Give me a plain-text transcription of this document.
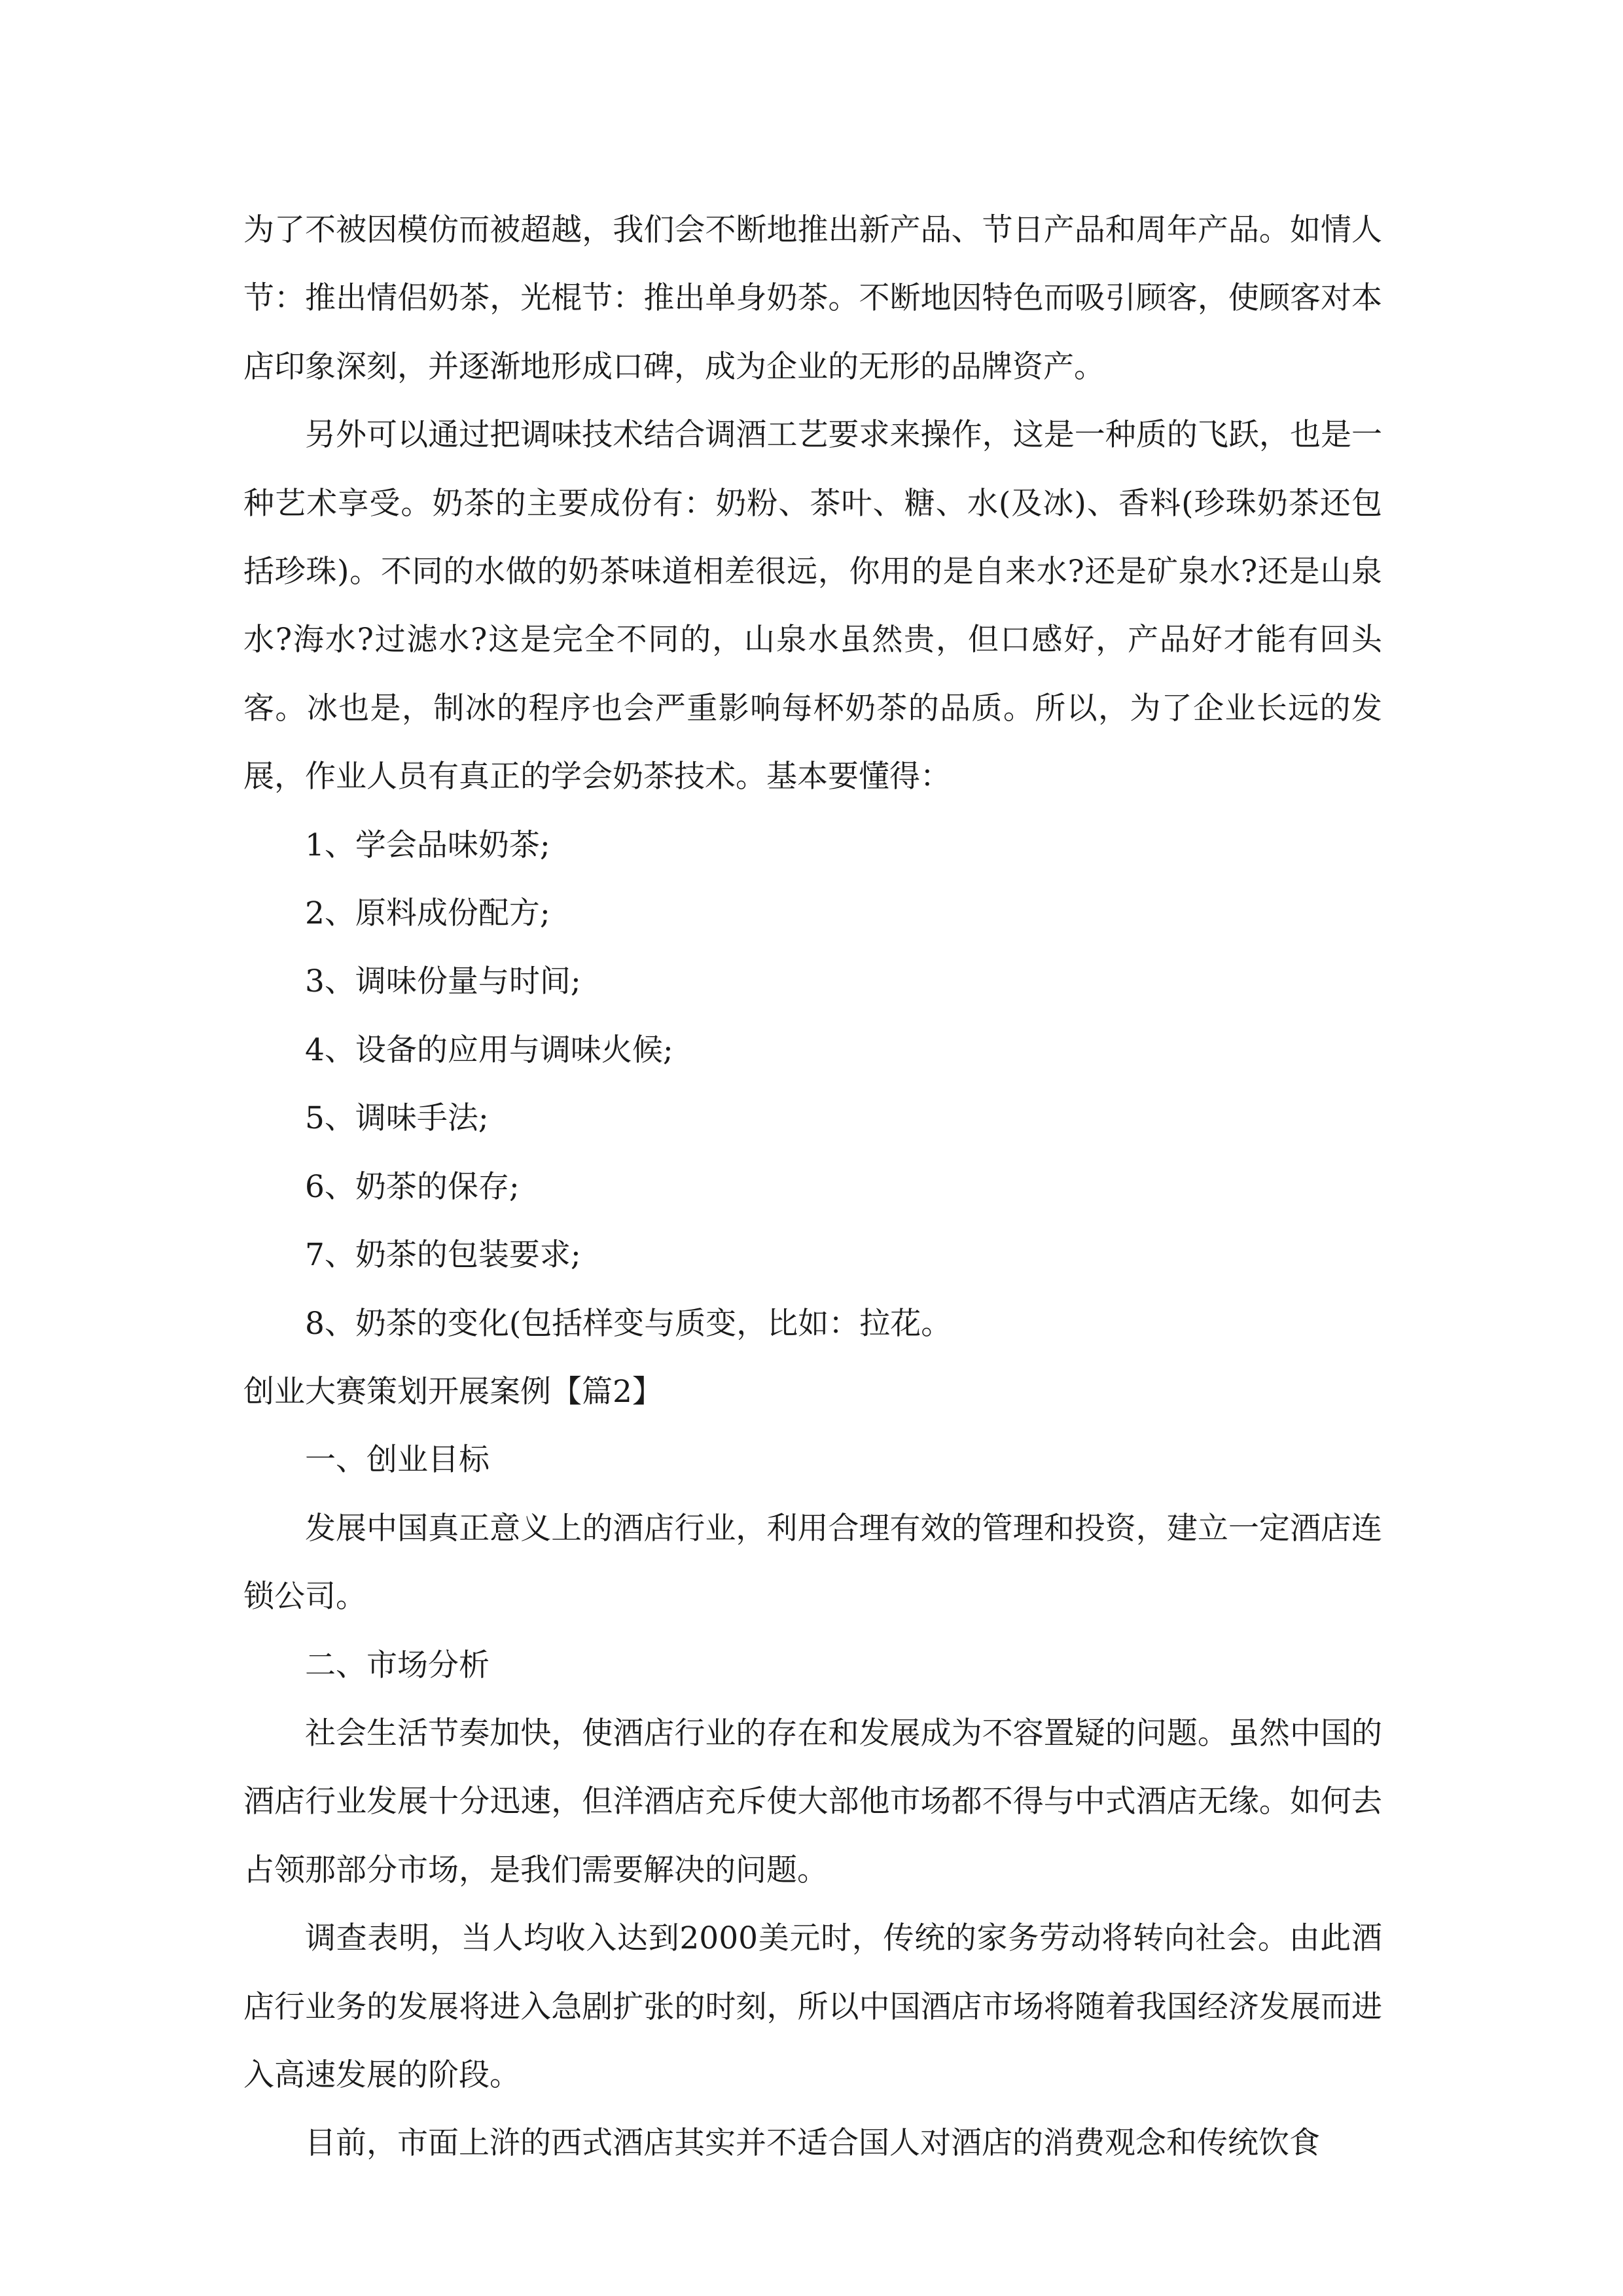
为了不被因模仿而被超越，我们会不断地推出新产品、节日产品和周年产品。如情人节：推出情侣奶茶，光棍节：推出单身奶茶。不断地因特色而吸引顾客，使顾客对本店印象深刻，并逐渐地形成口碑，成为企业的无形的品牌资产。

另外可以通过把调味技术结合调酒工艺要求来操作，这是一种质的飞跃，也是一种艺术享受。奶茶的主要成份有：奶粉、茶叶、糖、水(及冰)、香料(珍珠奶茶还包括珍珠)。不同的水做的奶茶味道相差很远，你用的是自来水?还是矿泉水?还是山泉水?海水?过滤水?这是完全不同的，山泉水虽然贵，但口感好，产品好才能有回头客。冰也是，制冰的程序也会严重影响每杯奶茶的品质。所以，为了企业长远的发展，作业人员有真正的学会奶茶技术。基本要懂得：

1、学会品味奶茶;

2、原料成份配方;

3、调味份量与时间;

4、设备的应用与调味火候;

5、调味手法;

6、奶茶的保存;

7、奶茶的包装要求;

8、奶茶的变化(包括样变与质变，比如：拉花。

创业大赛策划开展案例【篇2】

一、创业目标

发展中国真正意义上的酒店行业，利用合理有效的管理和投资，建立一定酒店连锁公司。

二、市场分析

社会生活节奏加快，使酒店行业的存在和发展成为不容置疑的问题。虽然中国的酒店行业发展十分迅速，但洋酒店充斥使大部他市场都不得与中式酒店无缘。如何去占领那部分市场，是我们需要解决的问题。

调查表明，当人均收入达到2000美元时，传统的家务劳动将转向社会。由此酒店行业务的发展将进入急剧扩张的时刻，所以中国酒店市场将随着我国经济发展而进入高速发展的阶段。

目前，市面上浒的西式酒店其实并不适合国人对酒店的消费观念和传统饮食
